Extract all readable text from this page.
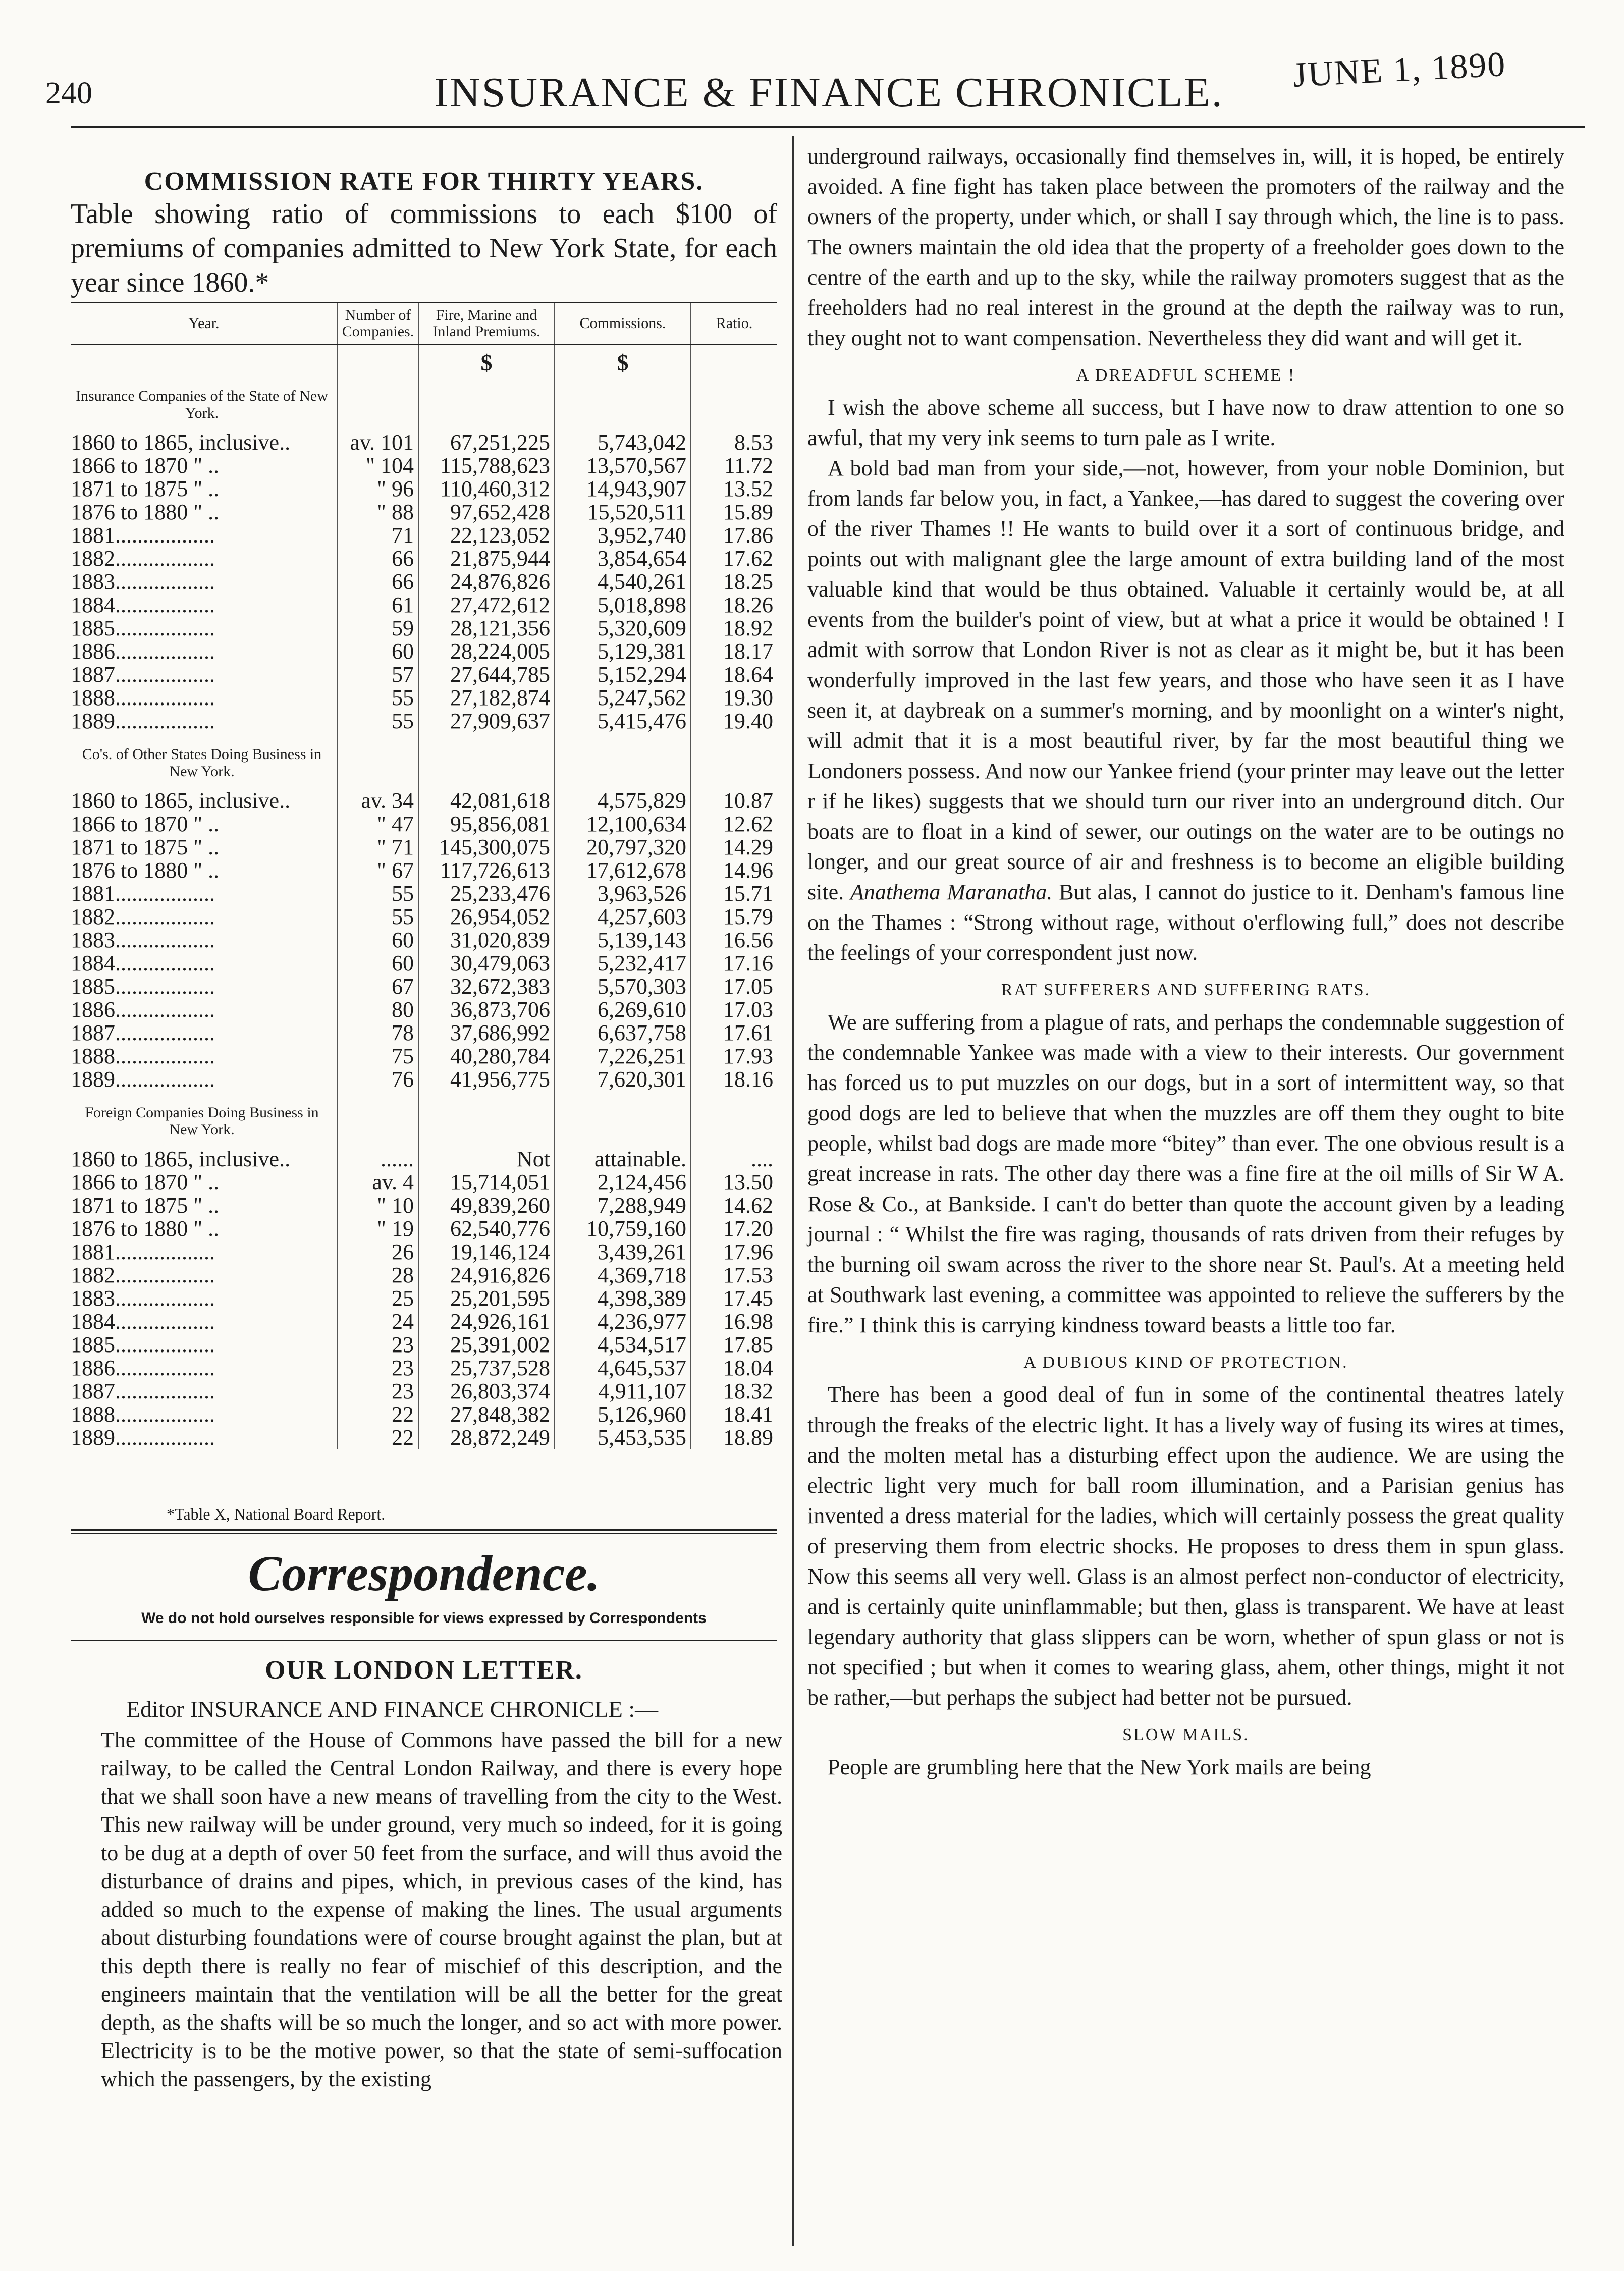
240	INSURANCE & FINANCE CHRONICLE. JUNE 1, 1890
COMMISSION RATE FOR THIRTY YEARS.
Table showing ratio of commissions to each $100 of premiums of companies admitted to New York State, for each year since 1860.*
Year.	Number of Companies.	Fire, Marine and Inland Premiums.	Commissions.	Ratio.
		$	$	
Insurance Companies of the State of New York.				
1860 to 1865, inclusive..	av. 101	67,251,225	5,743,042	8.53
1866 to 1870 " ..	" 104	115,788,623	13,570,567	11.72
1871 to 1875 " ..	" 96	110,460,312	14,943,907	13.52
1876 to 1880 " ..	" 88	97,652,428	15,520,511	15.89
1881..................	71	22,123,052	3,952,740	17.86
1882..................	66	21,875,944	3,854,654	17.62
1883..................	66	24,876,826	4,540,261	18.25
1884..................	61	27,472,612	5,018,898	18.26
1885..................	59	28,121,356	5,320,609	18.92
1886..................	60	28,224,005	5,129,381	18.17
1887..................	57	27,644,785	5,152,294	18.64
1888..................	55	27,182,874	5,247,562	19.30
1889..................	55	27,909,637	5,415,476	19.40
Co's. of Other States Doing Business in New York.				
1860 to 1865, inclusive..	av. 34	42,081,618	4,575,829	10.87
1866 to 1870 " ..	" 47	95,856,081	12,100,634	12.62
1871 to 1875 " ..	" 71	145,300,075	20,797,320	14.29
1876 to 1880 " ..	" 67	117,726,613	17,612,678	14.96
1881..................	55	25,233,476	3,963,526	15.71
1882..................	55	26,954,052	4,257,603	15.79
1883..................	60	31,020,839	5,139,143	16.56
1884..................	60	30,479,063	5,232,417	17.16
1885..................	67	32,672,383	5,570,303	17.05
1886..................	80	36,873,706	6,269,610	17.03
1887..................	78	37,686,992	6,637,758	17.61
1888..................	75	40,280,784	7,226,251	17.93
1889..................	76	41,956,775	7,620,301	18.16
Foreign Companies Doing Business in New York.				
1860 to 1865, inclusive..	......	Not	attainable.	....
1866 to 1870 " ..	av. 4	15,714,051	2,124,456	13.50
1871 to 1875 " ..	" 10	49,839,260	7,288,949	14.62
1876 to 1880 " ..	" 19	62,540,776	10,759,160	17.20
1881..................	26	19,146,124	3,439,261	17.96
1882..................	28	24,916,826	4,369,718	17.53
1883..................	25	25,201,595	4,398,389	17.45
1884..................	24	24,926,161	4,236,977	16.98
1885..................	23	25,391,002	4,534,517	17.85
1886..................	23	25,737,528	4,645,537	18.04
1887..................	23	26,803,374	4,911,107	18.32
1888..................	22	27,848,382	5,126,960	18.41
1889..................	22	28,872,249	5,453,535	18.89
*Table X, National Board Report.
Correspondence.
We do not hold ourselves responsible for views expressed by Correspondents
OUR LONDON LETTER.
Editor INSURANCE AND FINANCE CHRONICLE :—
The committee of the House of Commons have passed the bill for a new railway, to be called the Central London Railway, and there is every hope that we shall soon have a new means of travelling from the city to the West. This new railway will be under ground, very much so indeed, for it is going to be dug at a depth of over 50 feet from the surface, and will thus avoid the disturbance of drains and pipes, which, in previous cases of the kind, has added so much to the expense of making the lines. The usual arguments about disturbing foundations were of course brought against the plan, but at this depth there is really no fear of mischief of this description, and the engineers maintain that the ventilation will be all the better for the great depth, as the shafts will be so much the longer, and so act with more power. Electricity is to be the motive power, so that the state of semi-suffocation which the passengers, by the existing
underground railways, occasionally find themselves in, will, it is hoped, be entirely avoided. A fine fight has taken place between the promoters of the railway and the owners of the property, under which, or shall I say through which, the line is to pass. The owners maintain the old idea that the property of a freeholder goes down to the centre of the earth and up to the sky, while the railway promoters suggest that as the freeholders had no real interest in the ground at the depth the railway was to run, they ought not to want compensation. Nevertheless they did want and will get it.
A DREADFUL SCHEME !

I wish the above scheme all success, but I have now to draw attention to one so awful, that my very ink seems to turn pale as I write.

A bold bad man from your side,—not, however, from your noble Dominion, but from lands far below you, in fact, a Yankee,—has dared to suggest the covering over of the river Thames !! He wants to build over it a sort of continuous bridge, and points out with malignant glee the large amount of extra building land of the most valuable kind that would be thus obtained. Valuable it certainly would be, at all events from the builder's point of view, but at what a price it would be obtained ! I admit with sorrow that London River is not as clear as it might be, but it has been wonderfully improved in the last few years, and those who have seen it as I have seen it, at daybreak on a summer's morning, and by moonlight on a winter's night, will admit that it is a most beautiful river, by far the most beautiful thing we Londoners possess. And now our Yankee friend (your printer may leave out the letter r if he likes) suggests that we should turn our river into an underground ditch. Our boats are to float in a kind of sewer, our outings on the water are to be outings no longer, and our great source of air and freshness is to become an eligible building site. Anathema Maranatha. But alas, I cannot do justice to it. Denham's famous line on the Thames : “Strong without rage, without o'erflowing full,” does not describe the feelings of your correspondent just now.

RAT SUFFERERS AND SUFFERING RATS.

We are suffering from a plague of rats, and perhaps the condemnable suggestion of the condemnable Yankee was made with a view to their interests. Our government has forced us to put muzzles on our dogs, but in a sort of intermittent way, so that good dogs are led to believe that when the muzzles are off them they ought to bite people, whilst bad dogs are made more “bitey” than ever. The one obvious result is a great increase in rats. The other day there was a fine fire at the oil mills of Sir W A. Rose & Co., at Bankside. I can't do better than quote the account given by a leading journal : “ Whilst the fire was raging, thousands of rats driven from their refuges by the burning oil swam across the river to the shore near St. Paul's. At a meeting held at Southwark last evening, a committee was appointed to relieve the sufferers by the fire.” I think this is carrying kindness toward beasts a little too far.

A DUBIOUS KIND OF PROTECTION.

There has been a good deal of fun in some of the continental theatres lately through the freaks of the electric light. It has a lively way of fusing its wires at times, and the molten metal has a disturbing effect upon the audience. We are using the electric light very much for ball room illumination, and a Parisian genius has invented a dress material for the ladies, which will certainly possess the great quality of preserving them from electric shocks. He proposes to dress them in spun glass. Now this seems all very well. Glass is an almost perfect non-conductor of electricity, and is certainly quite uninflammable; but then, glass is transparent. We have at least legendary authority that glass slippers can be worn, whether of spun glass or not is not specified ; but when it comes to wearing glass, ahem, other things, might it not be rather,—but perhaps the subject had better not be pursued.

SLOW MAILS.

People are grumbling here that the New York mails are being
